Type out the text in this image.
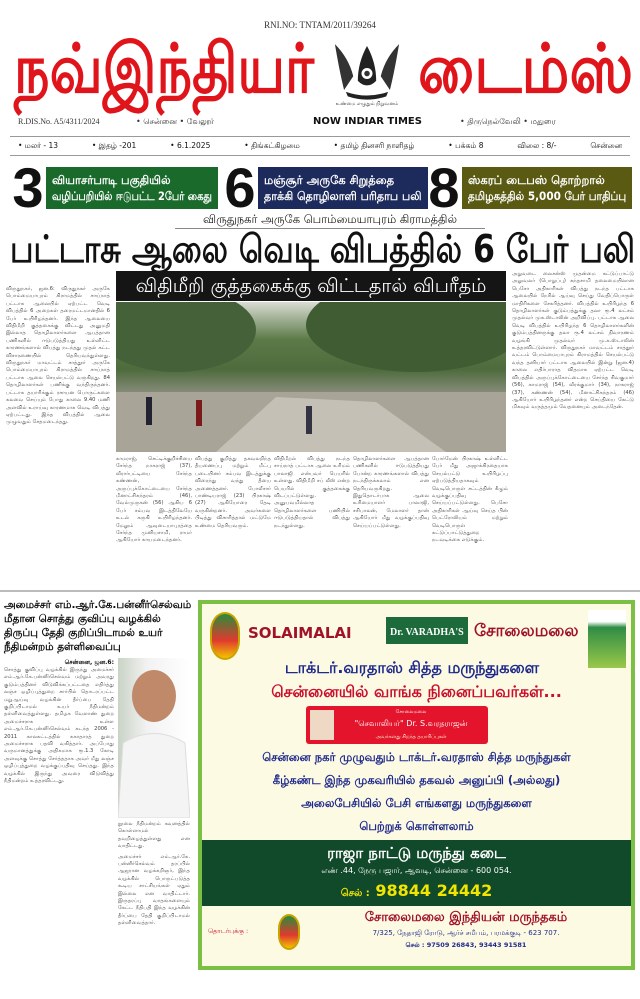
RNI.NO: TNTAM/2011/39264
நவ்இந்தியர் டைம்ஸ்
உண்மை எழுதும் நிறுவனம்
R.DIS.No. A5/4311/2024	• சென்னை • வேலூர்	NOW INDIAR TIMES	• திருநெல்வேலி • மதுரை
• மலர் - 13	• இதழ் -201	• 6.1.2025	• திங்கட்கிழமை	• தமிழ் தினசரி நாளிதழ்	• பக்கம் 8	விலை : 8/-	சென்னை
3 வியாசர்பாடி பகுதியில்
வழிப்பறியில் ஈடுபட்ட 2பேர் கைது 6 மஞ்சூர் அருகே சிறுத்தை
தாக்கி தொழிலாளி பரிதாப பலி 8 ஸ்கரப் டைபஸ் தொற்றால்
தமிழகத்தில் 5,000 பேர் பாதிப்பு
விருதுநகர் அருகே பொம்மையாபுரம் கிராமத்தில்
பட்டாசு ஆலை வெடி விபத்தில் 6 பேர் பலி
விருதுநகர், ஜன.6: விருதுநகர் அருகே பொம்மையாபுரம் கிராமத்தில் சாய்நாத் பட்டாசு ஆலையில் ஏற்பட்ட வெடி விபத்தில் 6 அறைகள் தரைமட்டமானதில் 6 பேர் உயிரிழந்தனர். இந்த ஆலையை விதிமீறி குத்தகைக்கு விட்டது அனுமதி இல்லாத தொழிலாளர்களை ஆபத்தான பணிகளில் ஈடுபடுத்தியது உள்ளிட்ட காரணங்களால் விபத்து நடந்தது முதல் கட்ட விசாரணையில் தெரியவந்துள்ளது. விருதுநகர் மாவட்டம் சாத்தூர் அருகே பொம்மையாபுரம் கிராமத்தில் சாய்நாத் பட்டாசு ஆலை செயல்பட்டு வருகிறது. 84 தொழிலாளர்கள் பணிக்கு வந்திருந்தனர். பட்டாசு தயாரிக்கும் ரசாயன பொருட்களை கலவை செய்யும் போது காலை 9.40 மணி அளவில் உராய்வு காரணமாக வெடி விபத்து ஏற்பட்டது. இந்த விபத்தில் ஆலை முழுவதும் சேதமடைந்தது.
விதிமீறி குத்தகைக்கு விட்டதால் விபரீதம்
காமராஜ், செட்டிக்குறிச்சியை சேர்ந்த நாகராஜ் (37), வீரார்பட்டியை சேர்ந்த கண்ணன், அருப்புக்கோட்டையை சேர்ந்த மீனாட்சிசுந்தரம் (46), வேல்முருகன் (56) ஆகிய 6 பேர் சம்பவ இடத்திலேயே உடல் கருகி உயிரிழந்தனர். மேலும் ஆவுடையாபுரத்தை சேர்ந்த முனியசாமி, ராமர் ஆகியோர் காயமடைந்தனர்.
விபத்து குறித்து தகவலறிந்த தீயணைப்பு மற்றும் மீட்பு படையினர் சம்பவ இடத்துக்கு விரைந்து வந்து தீயை அணைத்தனர். போலீசார் பாண்டியராஜ் (23) பிரகாஷ் (27) ஆகியோரை தேடி வருகின்றனர். அவர்களை பிடித்து விசாரித்தால் மட்டுமே உண்மை தெரியவரும்.
விதிமீறல் விபத்து நடந்த சாய்நாத் பட்டாசு ஆலை உரிமம் பாலாஜி என்பவர் பெயரில் உள்ளது. விதிமீறி சப் லீஸ் என்ற பெயரில் குத்தகைக்கு விடப்பட்டுள்ளது. அனுபவமில்லாத தொழிலாளர்களை பணியில் ஈடுபடுத்தியதால் விபத்து நடந்துள்ளது.
தொழிலாளர்களை ஆபத்தான பணிகளில் ஈடுபடுத்தியது போன்ற காரணங்களால் விபத்து நடந்திருக்கலாம் என தெரியவருகிறது. இதுதொடர்பாக ஆலை உரிமையாளர் பாலாஜி, சசிபாலன், மேலாளர் தான் ஆகியோர் மீது வழக்குப்பதிவு செய்யப்பட்டுள்ளது.
போர்மேன் பிரகாஷ் உள்ளிட்ட பேர் மீது அஜாக்கிரதையாக செயல்பட்டு உயிரிழப்பு ஏற்படுத்தியதாகவும் வெடிபொருள் சட்டத்தின் கீழும் வழக்குப்பதிவு செய்யப்பட்டுள்ளது. பெசோ அதிகாரிகள் ஆய்வு செய்த பின் பெட்ரோலியம் மற்றும் வெடிபொருள் கட்டுப்பாட்டுத்துறை நடவடிக்கை எடுக்கும்.
அறுவடை லைசன்ஸ் முதன்மை கட்டுப்பாட்டு அலுவலர் (பொறுப்பு) கந்தசாமி தலைமையிலான பெசோ அதிகாரிகள் விபத்து நடந்த பட்டாசு ஆலையில் நேரில் ஆய்வு செய்து வேதிப்பொருள் மாதிரிகளை சேகரித்தனர். விபத்தில் உயிரிழந்த 6 தொழிலாளர்கள் குடும்பத்துக்கு தலா ரூ.4 லட்சம் முதல்வர் முக.ஸ்டாலின் அறிவிப்பு. பட்டாசு ஆலை வெடி விபத்தில் உயிரிழந்த 6 தொழிலாளர்களின் குடும்பத்தினருக்கு தலா ரூ.4 லட்சம் நிவாரணம் வழங்கி முதல்வர் மு.க.ஸ்டாலின் உத்தரவிட்டுள்ளார். விருதுநகர் மாவட்டம் சாத்தூர் வட்டம் பொம்மையாபுரம் கிராமத்தில் செயல்பட்டு வந்த தனியார் பட்டாசு ஆலையில் இன்று (ஜன.4) காலை எதிர்பாராத விதமாக ஏற்பட்ட வெடி விபத்தில் அருப்புக்கோட்டையை சேர்ந்த சிவகுமார் (56), காமராஜ் (54), வீரக்குமார் (34), நாகராஜ் (37), கண்ணன் (54), மீனாட்சிசுந்தரம் (46) ஆகியோர் உயிரிழந்தனர் என்ற செய்தியை கேட்டு மிகவும் வருத்தமும் வேதனையும் அடைந்தேன்.
அமைச்சர் எம்.ஆர்.கே.பன்னீர்செல்வம் மீதான சொத்து குவிப்பு வழக்கில் திருப்பு தேதி குறிப்பிடாமல் உயர் நீதிமன்றம் தள்ளிவைப்பு
சென்னை, ஜன.6:
சொத்து குவிப்பு வழக்கில் இருந்து அமைச்சர் எம்.ஆர்.கே.பன்னீர்செல்வம் மற்றும் அவரது குடும்பத்தினர் விடுவிக்கப்பட்டதை எதிர்த்து லஞ்ச ஒழிப்புத்துறை சார்பில் தொடரப்பட்ட மறுஆய்வு வழக்கின் தீர்ப்பை தேதி குறிப்பிடாமல் உயர் நீதிமன்றம் தள்ளிவைத்துள்ளது. தமிழக வேளாண் துறை அமைச்சராக உள்ள எம்.ஆர்.கே.பன்னீர்செல்வம் கடந்த 2006 - 2011 காலகட்டத்தில் சுகாதாரத் துறை அமைச்சராக பதவி வகித்தார். அப்போது வருமானத்துக்கு அதிகமாக ரூ.1.3 கோடி அளவுக்கு சொத்து சேர்த்ததாக அவர் மீது லஞ்ச ஒழிப்புத்துறை வழக்குப்பதிவு செய்தது. இந்த வழக்கில் இருந்து அவரை விடுவித்து நீதிமன்றம் உத்தரவிட்டது.
நூலை நீதிமன்றம் கவனத்தில் கொள்ளாமல் தவறிழைத்துள்ளது என வாதிட்டது.
அமைச்சர் எம்.ஆர்.கே. பன்னீர்செல்வம் தரப்பில் ஆஜரான வழக்கறிஞர், இந்த வழக்கில் பொருட்படுத்த கூடிய சாட்சியங்கள் ஏதும் இல்லை என வாதிட்டார். இருதரப்பு வாதங்களையும் கேட்ட நீதிபதி இந்த வழக்கின் தீர்ப்பை தேதி குறிப்பிடாமல் தள்ளிவைத்தார்.
SOLAIMALAI	Dr. VARADHA'S சோலைமலை
டாக்டர்.வரதாஸ் சித்த மருந்துகளை
சென்னையில் வாங்க நினைப்பவர்கள்...
சோலைமலை
"செவாலியர்" Dr. S.வரதராஜன்
அவர்களது சிறந்த தயாரிப்புகள்
சென்னை நகர் முழுவதும் டாக்டர்.வரதாஸ் சித்த மருந்துகள்
கீழ்கண்ட இந்த முகவரியில் தகவல் அனுப்பி (அல்லது)
அலைபேசியில் பேசி எங்களது மருந்துகளை
பெற்றுக் கொள்ளலாம்
ராஜா நாட்டு மருந்து கடை
எண் .44, நேரு பஜார், ஆவடி, சென்னை - 600 054.
செல் : 98844 24442
தொடர்புக்கு :
சோலைமலை இந்தியன் மருந்தகம்
7/325, நேதாஜி ரோடு, ஆர்ச் சமீபம், பரமக்குடி - 623 707.
செல் : 97509 26843, 93443 91581
